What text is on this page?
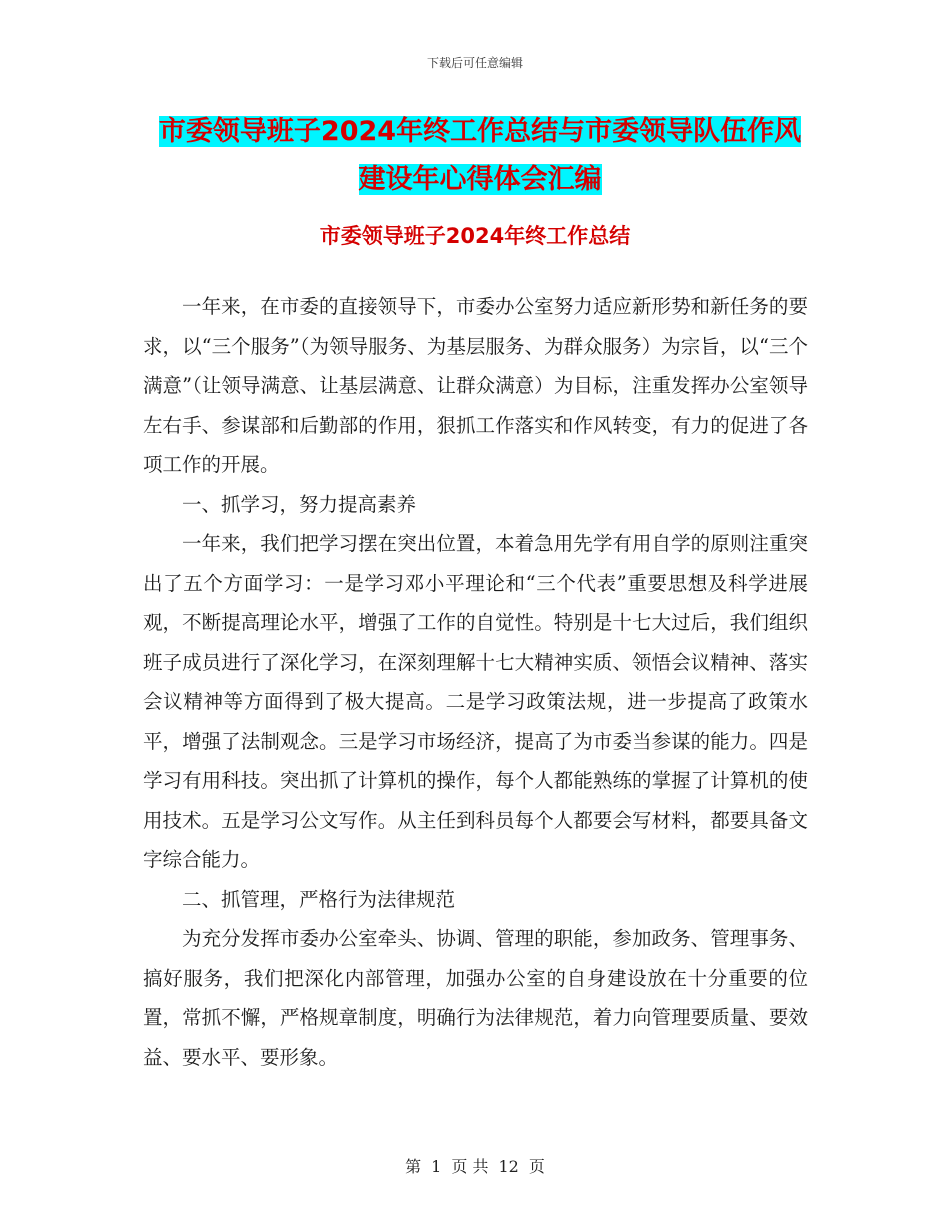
下载后可任意编辑
市委领导班子2024年终工作总结与市委领导队伍作风
建设年心得体会汇编
市委领导班子2024年终工作总结

一年来，在市委的直接领导下，市委办公室努力适应新形势和新任务的要求，以“三个服务”（为领导服务、为基层服务、为群众服务）为宗旨，以“三个满意”（让领导满意、让基层满意、让群众满意）为目标，注重发挥办公室领导左右手、参谋部和后勤部的作用，狠抓工作落实和作风转变，有力的促进了各项工作的开展。

一、抓学习，努力提高素养

一年来，我们把学习摆在突出位置，本着急用先学有用自学的原则注重突出了五个方面学习：一是学习邓小平理论和“三个代表”重要思想及科学进展观，不断提高理论水平，增强了工作的自觉性。特别是十七大过后，我们组织班子成员进行了深化学习，在深刻理解十七大精神实质、领悟会议精神、落实会议精神等方面得到了极大提高。二是学习政策法规，进一步提高了政策水平，增强了法制观念。三是学习市场经济，提高了为市委当参谋的能力。四是学习有用科技。突出抓了计算机的操作，每个人都能熟练的掌握了计算机的使用技术。五是学习公文写作。从主任到科员每个人都要会写材料，都要具备文字综合能力。

二、抓管理，严格行为法律规范

为充分发挥市委办公室牵头、协调、管理的职能，参加政务、管理事务、搞好服务，我们把深化内部管理，加强办公室的自身建设放在十分重要的位置，常抓不懈，严格规章制度，明确行为法律规范，着力向管理要质量、要效益、要水平、要形象。

第 1 页 共 12 页
